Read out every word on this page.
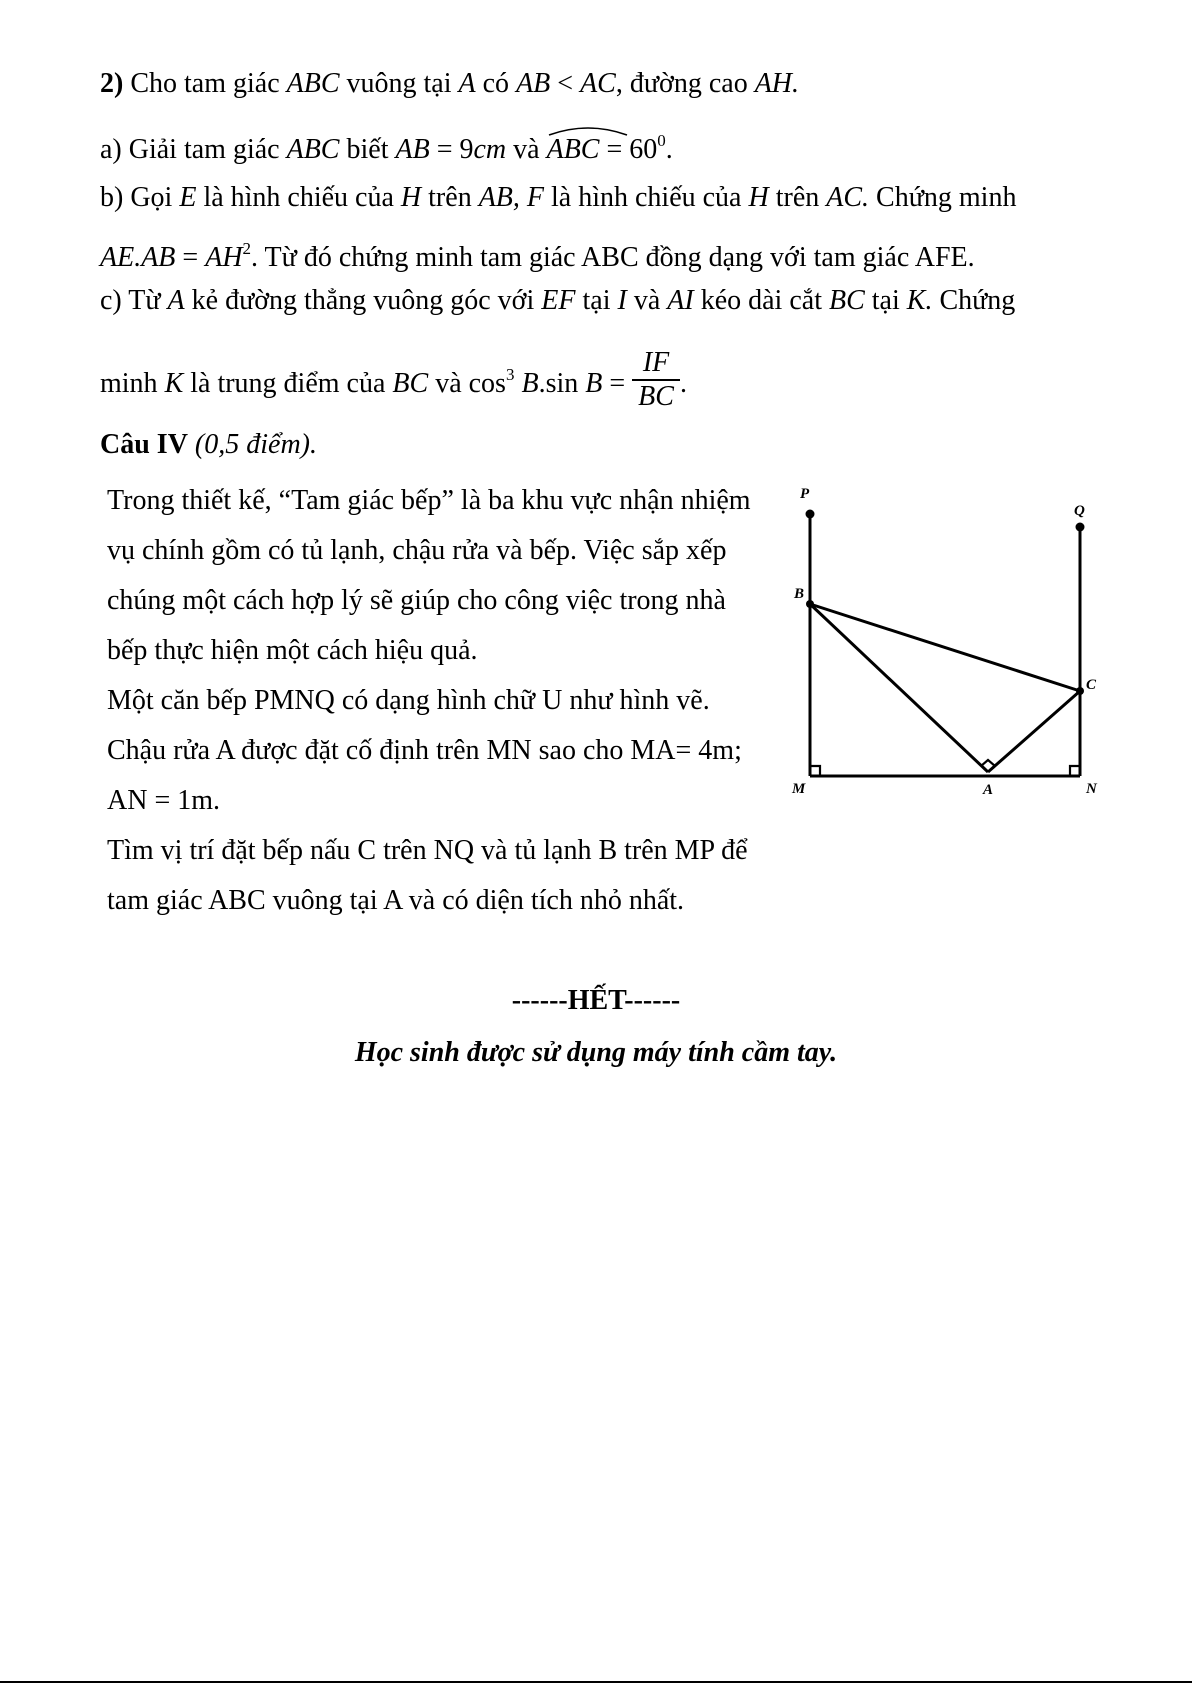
2) Cho tam giác ABC vuông tại A có AB < AC, đường cao AH.
a) Giải tam giác ABC biết AB = 9cm và
ABC = $60^0$.
b) Gọi E là hình chiếu của H trên AB, F là hình chiếu của H trên AC. Chứng minh
$AE.AB = AH^2$. Từ đó chứng minh tam giác ABC đồng dạng với tam giác AFE.
c) Từ A kẻ đường thẳng vuông góc với EF tại I và AI kéo dài cắt BC tại K. Chứng
minh K là trung điểm của BC và $\cos^3 B.\sin$ $B = \frac{IF}{BC}$ .
Câu IV (0,5 điểm).

Trong thiết kế, “Tam giác bếp” là ba khu vực nhận nhiệm

vụ chính gồm có tủ lạnh, chậu rửa và bếp. Việc sắp xếp

chúng một cách hợp lý sẽ giúp cho công việc trong nhà

bếp thực hiện một cách hiệu quả.

Một căn bếp PMNQ có dạng hình chữ U như hình vẽ.

Chậu rửa A được đặt cố định trên MN sao cho MA= 4m;

AN = 1m.

Tìm vị trí đặt bếp nấu C trên NQ và tủ lạnh B trên MP để

tam giác ABC vuông tại A và có diện tích nhỏ nhất.

P
Q
B
C
M	A	N
------HẾT------
Học sinh được sử dụng máy tính cầm tay.
